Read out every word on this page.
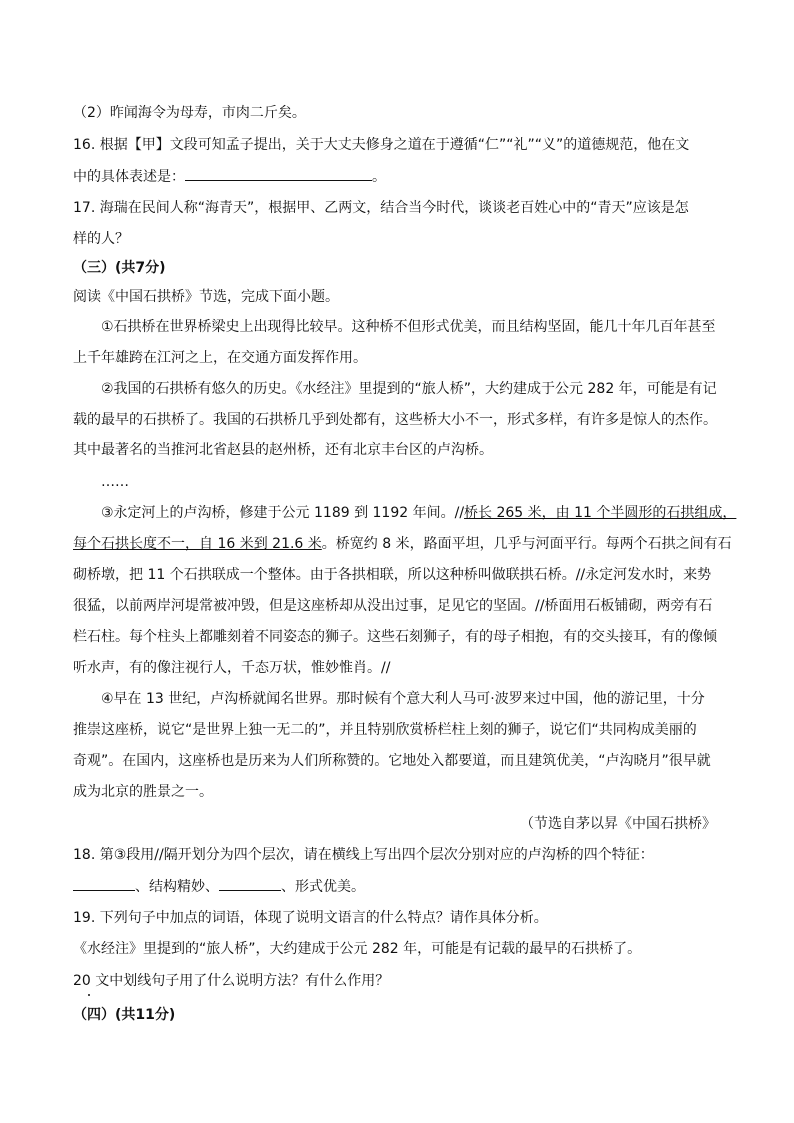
（2）昨闻海令为母寿，市肉二斤矣。
16. 根据【甲】文段可知孟子提出，关于大丈夫修身之道在于遵循“仁”“礼”“义”的道德规范，他在文
中的具体表述是：	。
17. 海瑞在民间人称“海青天”，根据甲、乙两文，结合当今时代，谈谈老百姓心中的“青天”应该是怎
样的人？
（三）(共7分)
阅读《中国石拱桥》节选，完成下面小题。
①石拱桥在世界桥梁史上出现得比较早。这种桥不但形式优美，而且结构坚固，能几十年几百年甚至
上千年雄跨在江河之上，在交通方面发挥作用。
②我国的石拱桥有悠久的历史。《水经注》里提到的“旅人桥”，大约建成于公元 282 年，可能是有记
载的最早的石拱桥了。我国的石拱桥几乎到处都有，这些桥大小不一，形式多样，有许多是惊人的杰作。
其中最著名的当推河北省赵县的赵州桥，还有北京丰台区的卢沟桥。
……
③永定河上的卢沟桥，修建于公元 1189 到 1192 年间。//桥长 265 米，由 11 个半圆形的石拱组成，
每个石拱长度不一，自 16 米到 21.6 米。桥宽约 8 米，路面平坦，几乎与河面平行。每两个石拱之间有石
砌桥墩，把 11 个石拱联成一个整体。由于各拱相联，所以这种桥叫做联拱石桥。//永定河发水时，来势
很猛，以前两岸河堤常被冲毁，但是这座桥却从没出过事，足见它的坚固。//桥面用石板铺砌，两旁有石
栏石柱。每个柱头上都雕刻着不同姿态的狮子。这些石刻狮子，有的母子相抱，有的交头接耳，有的像倾
听水声，有的像注视行人，千态万状，惟妙惟肖。//
④早在 13 世纪，卢沟桥就闻名世界。那时候有个意大利人马可·波罗来过中国，他的游记里，十分
推崇这座桥，说它“是世界上独一无二的”，并且特别欣赏桥栏柱上刻的狮子，说它们“共同构成美丽的
奇观”。在国内，这座桥也是历来为人们所称赞的。它地处入都要道，而且建筑优美，“卢沟晓月”很早就
成为北京的胜景之一。
（节选自茅以昇《中国石拱桥》
18. 第③段用//隔开划分为四个层次，请在横线上写出四个层次分别对应的卢沟桥的四个特征：
、结构精妙、	、形式优美。
19. 下列句子中加点的词语，体现了说明文语言的什么特点？请作具体分析。
《水经注》里提到的“旅人桥”，大约建成于公元 282 年，可能是有记载的最早的石拱桥了。
20 文中划线句子用了什么说明方法？有什么作用？
（四）(共11分)
